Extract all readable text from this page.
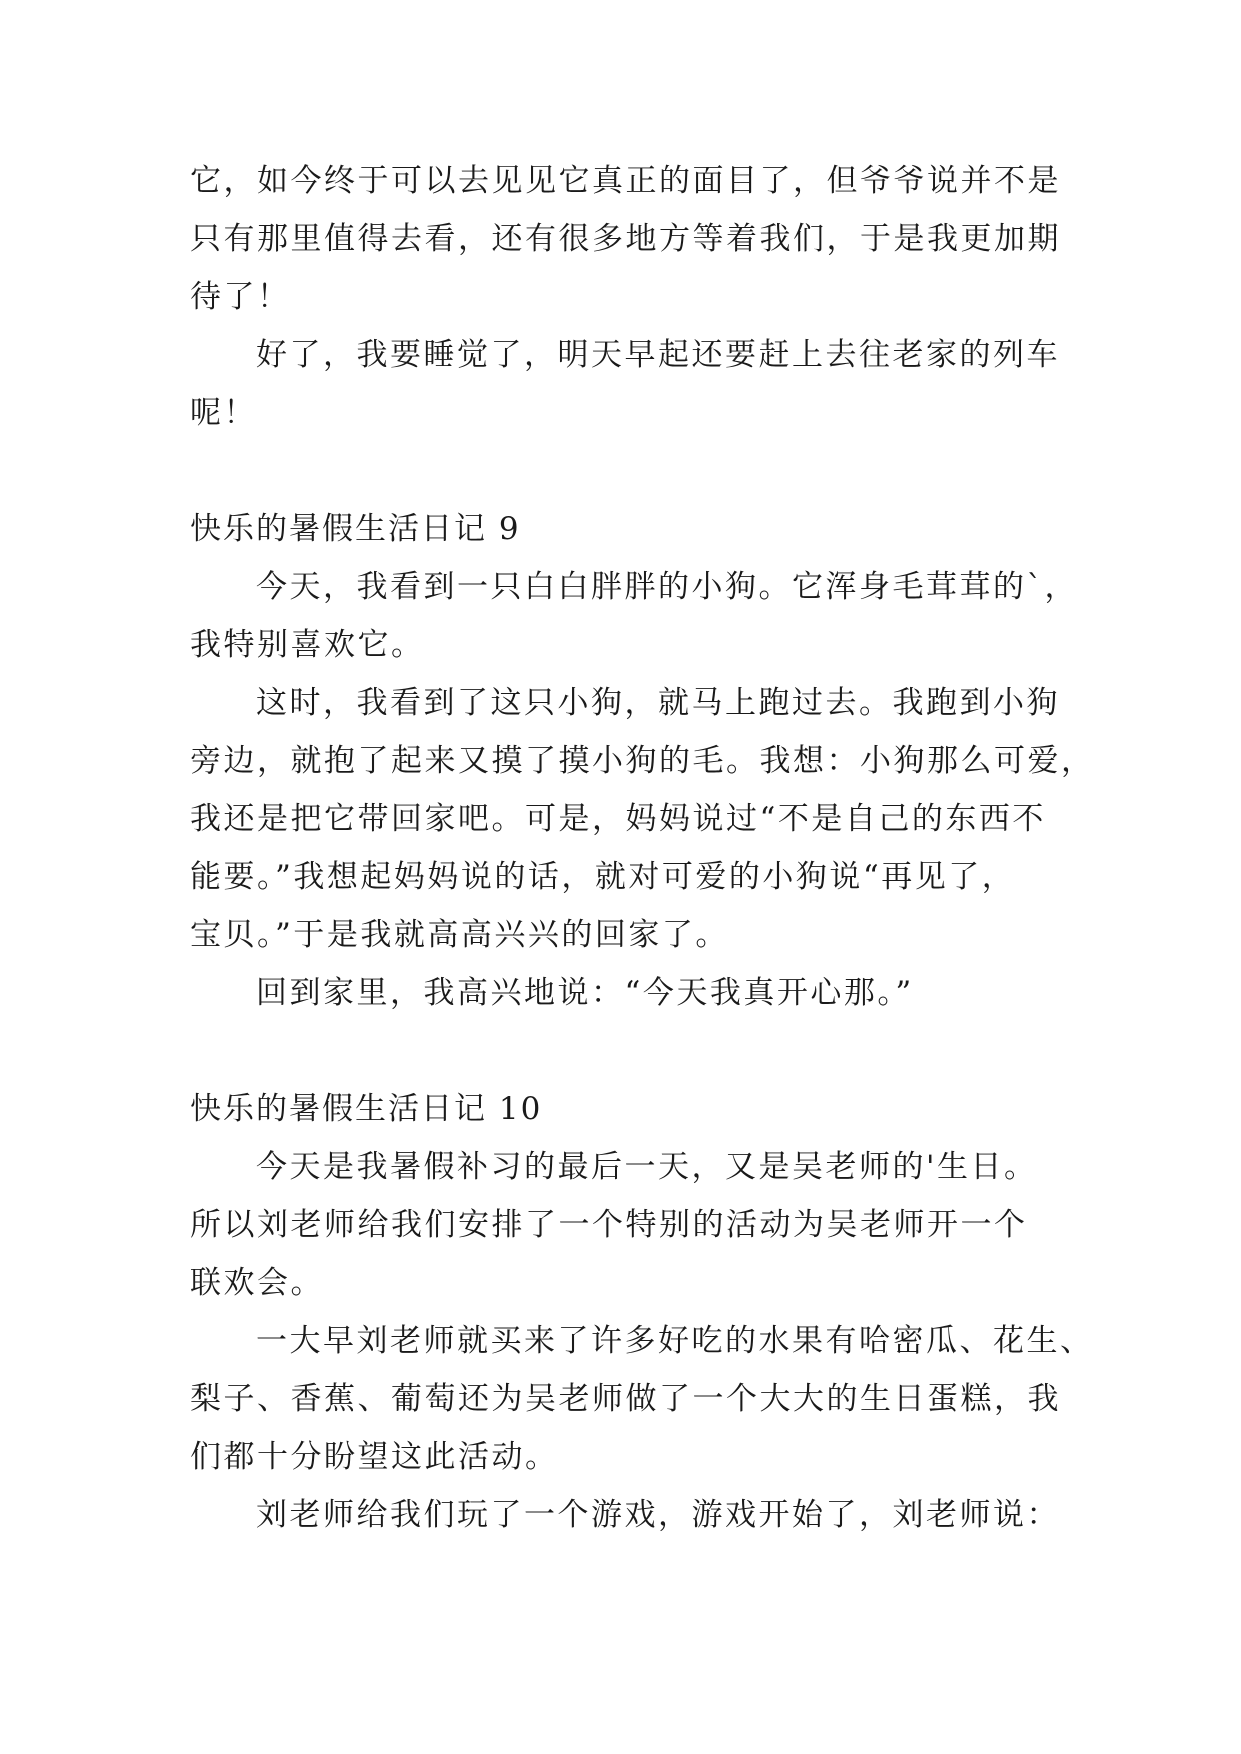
它，如今终于可以去见见它真正的面目了，但爷爷说并不是
只有那里值得去看，还有很多地方等着我们，于是我更加期
待了！
好了，我要睡觉了，明天早起还要赶上去往老家的列车
呢！
快乐的暑假生活日记 9
今天，我看到一只白白胖胖的小狗。它浑身毛茸茸的`，
我特别喜欢它。
这时，我看到了这只小狗，就马上跑过去。我跑到小狗
旁边，就抱了起来又摸了摸小狗的毛。我想：小狗那么可爱，
我还是把它带回家吧。可是，妈妈说过“不是自己的东西不
能要。”我想起妈妈说的话，就对可爱的小狗说“再见了，
宝贝。”于是我就高高兴兴的回家了。
回到家里，我高兴地说：“今天我真开心那。”
快乐的暑假生活日记 10
今天是我暑假补习的最后一天，又是吴老师的'生日。
所以刘老师给我们安排了一个特别的活动为吴老师开一个
联欢会。
一大早刘老师就买来了许多好吃的水果有哈密瓜、花生、
梨子、香蕉、葡萄还为吴老师做了一个大大的生日蛋糕，我
们都十分盼望这此活动。
刘老师给我们玩了一个游戏，游戏开始了，刘老师说：
